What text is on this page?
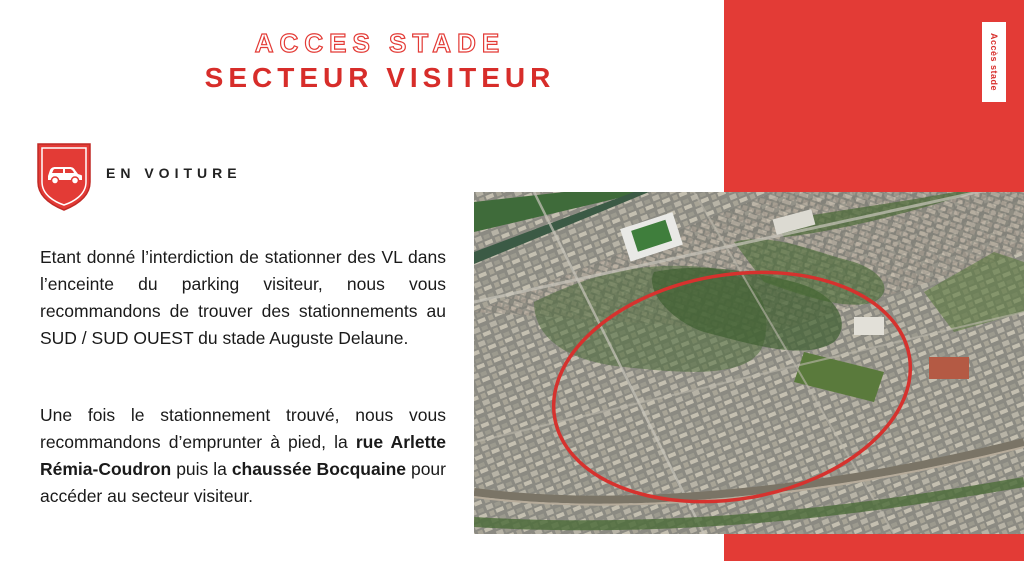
Accès stade
ACCES STADE
SECTEUR VISITEUR
EN VOITURE
Etant donné l’interdiction de stationner des VL dans l’enceinte du parking visiteur, nous vous recommandons de trouver des stationnements au SUD / SUD OUEST du stade Auguste Delaune.
Une fois le stationnement trouvé, nous vous recommandons d’emprunter à pied, la rue Arlette Rémia-Coudron puis la chaussée Bocquaine pour accéder au secteur visiteur.
